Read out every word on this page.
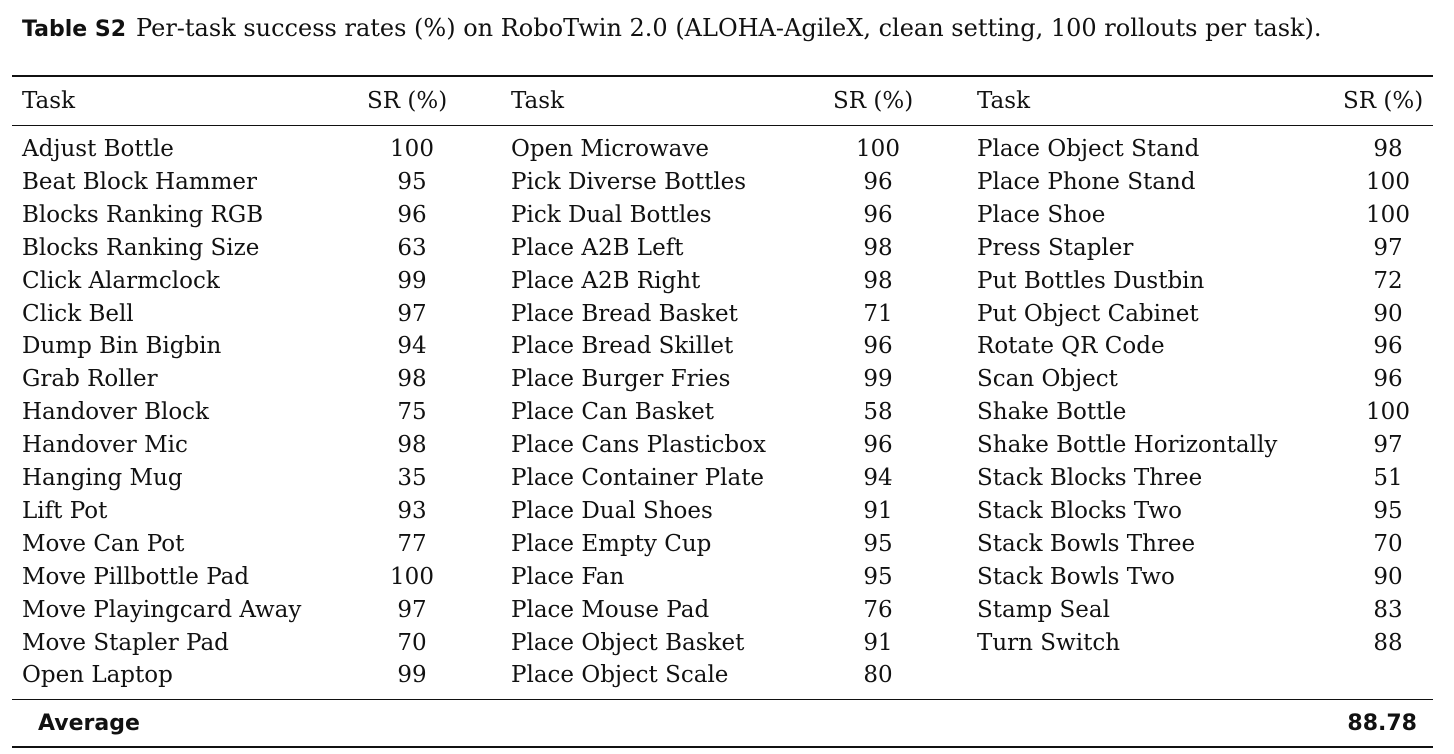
Table S2 Per-task success rates (%) on RoboTwin 2.0 (ALOHA-AgileX, clean setting, 100 rollouts per task).
Task	SR (%)	Task	SR (%)	Task	SR (%)
Adjust Bottle	100	Open Microwave	100	Place Object Stand	98
Beat Block Hammer	95	Pick Diverse Bottles	96	Place Phone Stand	100
Blocks Ranking RGB	96	Pick Dual Bottles	96	Place Shoe	100
Blocks Ranking Size	63	Place A2B Left	98	Press Stapler	97
Click Alarmclock	99	Place A2B Right	98	Put Bottles Dustbin	72
Click Bell	97	Place Bread Basket	71	Put Object Cabinet	90
Dump Bin Bigbin	94	Place Bread Skillet	96	Rotate QR Code	96
Grab Roller	98	Place Burger Fries	99	Scan Object	96
Handover Block	75	Place Can Basket	58	Shake Bottle	100
Handover Mic	98	Place Cans Plasticbox	96	Shake Bottle Horizontally	97
Hanging Mug	35	Place Container Plate	94	Stack Blocks Three	51
Lift Pot	93	Place Dual Shoes	91	Stack Blocks Two	95
Move Can Pot	77	Place Empty Cup	95	Stack Bowls Three	70
Move Pillbottle Pad	100	Place Fan	95	Stack Bowls Two	90
Move Playingcard Away	97	Place Mouse Pad	76	Stamp Seal	83
Move Stapler Pad	70	Place Object Basket	91	Turn Switch	88
Open Laptop	99	Place Object Scale	80
Average	88.78
